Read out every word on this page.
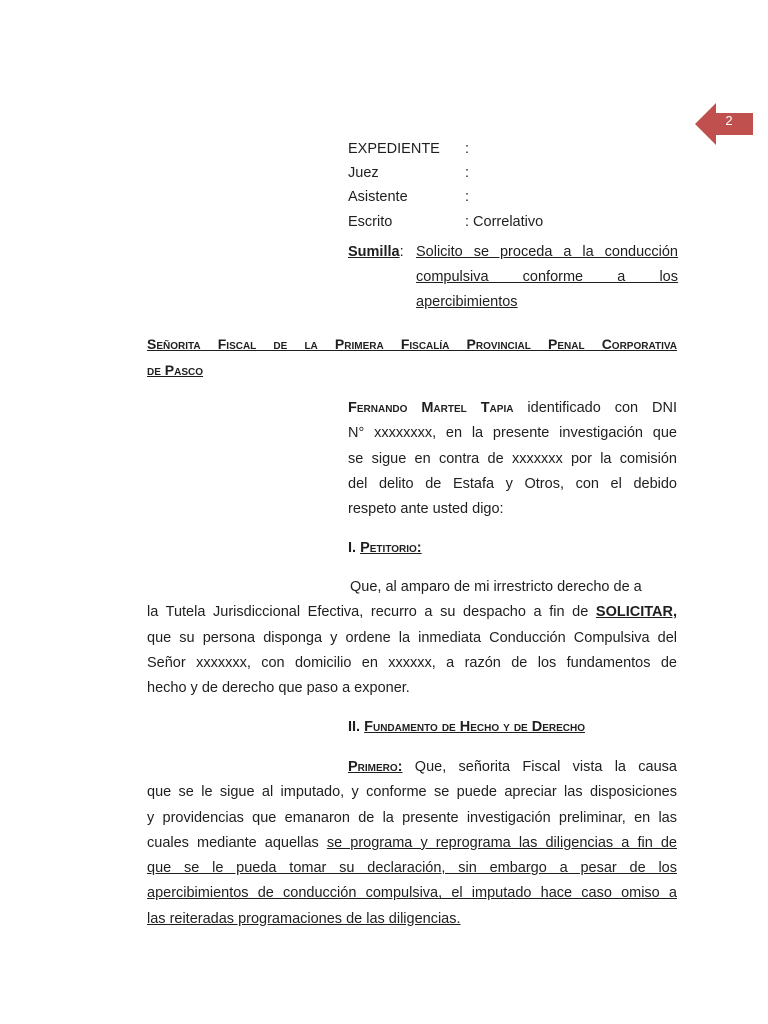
2
EXPEDIENTE :
Juez	:
Asistente	:
Escrito	: Correlativo
Sumilla: Solicito se proceda a la conducción
compulsiva conforme a los
apercibimientos
Señorita Fiscal de la Primera Fiscalía Provincial Penal Corporativa
de Pasco
Fernando Martel Tapia identificado con DNI
N° xxxxxxxx, en la presente investigación que
se sigue en contra de xxxxxxx por la comisión
del delito de Estafa y Otros, con el debido
respeto ante usted digo:
I. Petitorio:
Que, al amparo de mi irrestricto derecho de a
la Tutela Jurisdiccional Efectiva, recurro a su despacho a fin de SOLICITAR,
que su persona disponga y ordene la inmediata Conducción Compulsiva del
Señor xxxxxxx, con domicilio en xxxxxx, a razón de los fundamentos de
hecho y de derecho que paso a exponer.
II. Fundamento de Hecho y de Derecho
Primero: Que, señorita Fiscal vista la causa
que se le sigue al imputado, y conforme se puede apreciar las disposiciones
y providencias que emanaron de la presente investigación preliminar, en las
cuales mediante aquellas se programa y reprograma las diligencias a fin de
que se le pueda tomar su declaración, sin embargo a pesar de los
apercibimientos de conducción compulsiva, el imputado hace caso omiso a
las reiteradas programaciones de las diligencias.
